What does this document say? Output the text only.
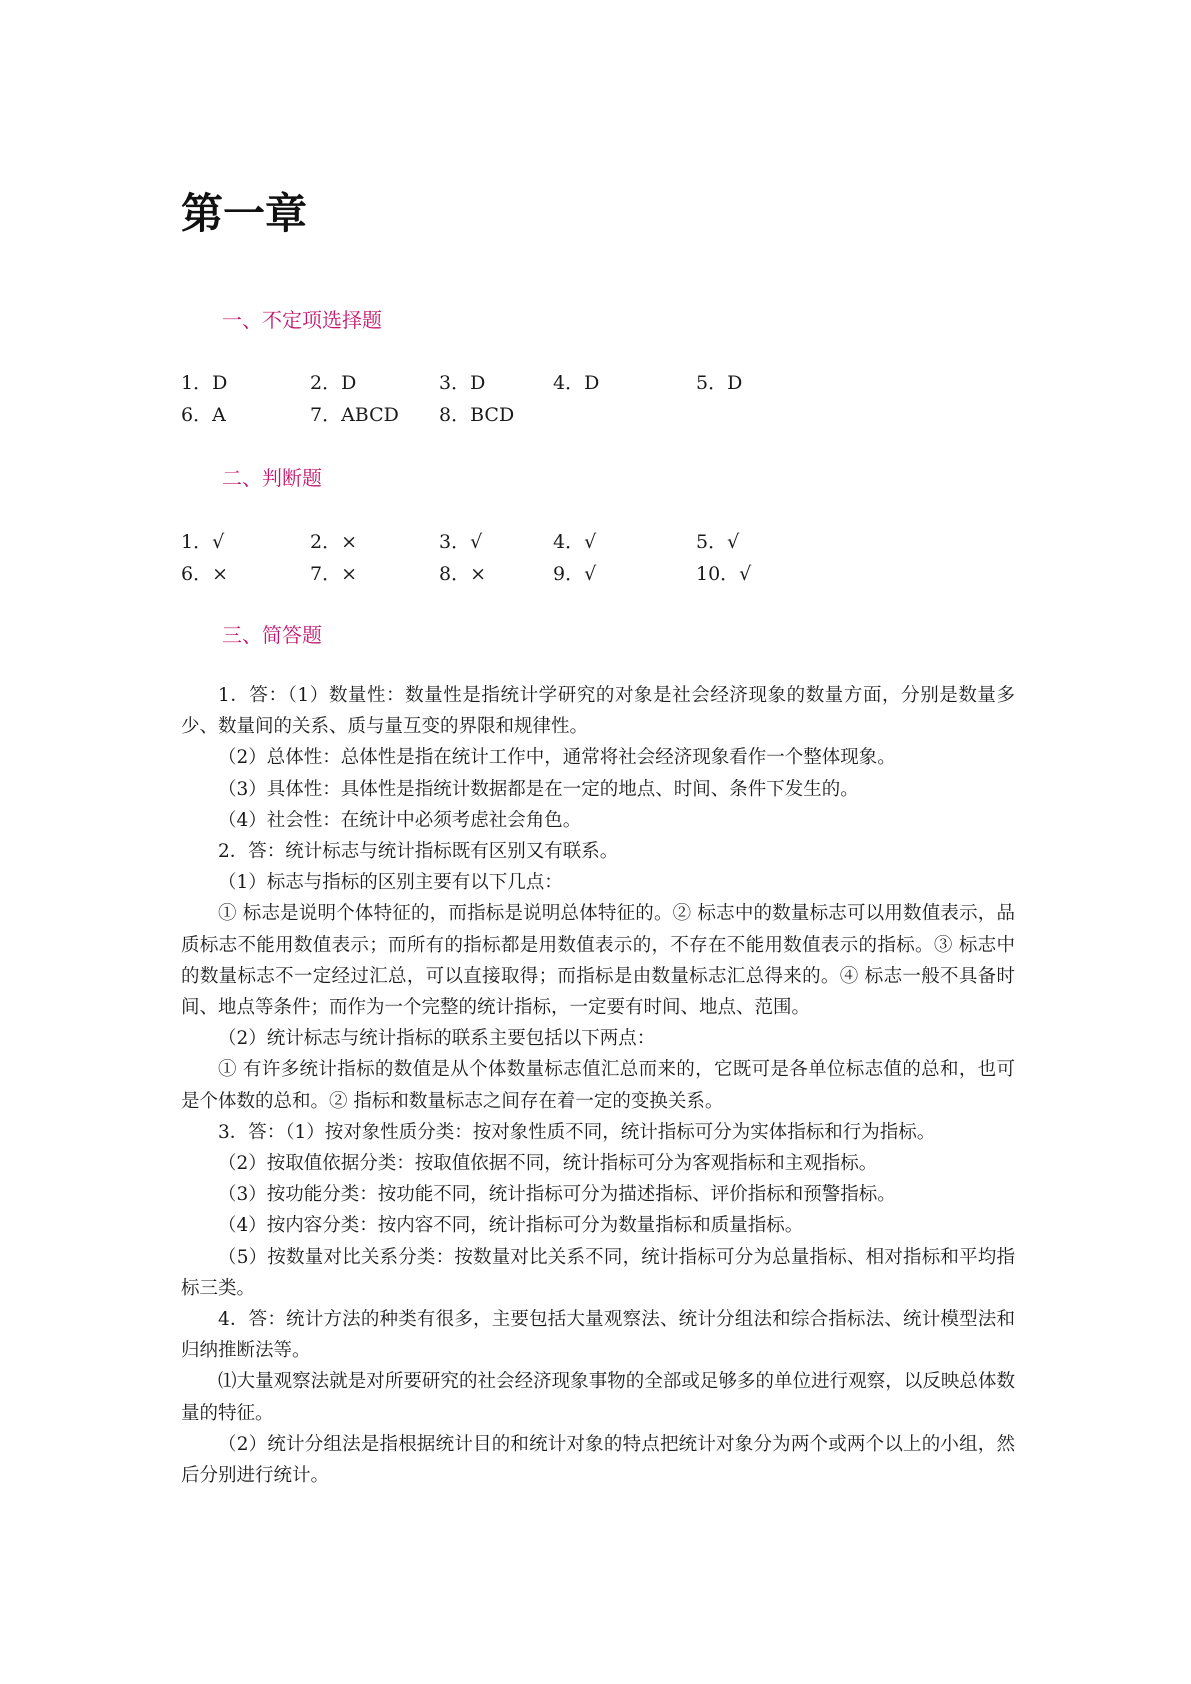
第一章
一、不定项选择题
1．D	2．D	3．D	4．D	5．D
6．A	7．ABCD 8．BCD
二、判断题
1．√	2．×	3．√	4．√	5．√
6．×	7．×	8．×	9．√	10．√
三、简答题

1．答：（1）数量性：数量性是指统计学研究的对象是社会经济现象的数量方面，分别是数量多少、数量间的关系、质与量互变的界限和规律性。

（2）总体性：总体性是指在统计工作中，通常将社会经济现象看作一个整体现象。

（3）具体性：具体性是指统计数据都是在一定的地点、时间、条件下发生的。

（4）社会性：在统计中必须考虑社会角色。

2．答：统计标志与统计指标既有区别又有联系。

（1）标志与指标的区别主要有以下几点：

① 标志是说明个体特征的，而指标是说明总体特征的。② 标志中的数量标志可以用数值表示，品质标志不能用数值表示；而所有的指标都是用数值表示的，不存在不能用数值表示的指标。③ 标志中的数量标志不一定经过汇总，可以直接取得；而指标是由数量标志汇总得来的。④ 标志一般不具备时间、地点等条件；而作为一个完整的统计指标，一定要有时间、地点、范围。

（2）统计标志与统计指标的联系主要包括以下两点：

① 有许多统计指标的数值是从个体数量标志值汇总而来的，它既可是各单位标志值的总和，也可是个体数的总和。② 指标和数量标志之间存在着一定的变换关系。

3．答：（1）按对象性质分类：按对象性质不同，统计指标可分为实体指标和行为指标。

（2）按取值依据分类：按取值依据不同，统计指标可分为客观指标和主观指标。

（3）按功能分类：按功能不同，统计指标可分为描述指标、评价指标和预警指标。

（4）按内容分类：按内容不同，统计指标可分为数量指标和质量指标。

（5）按数量对比关系分类：按数量对比关系不同，统计指标可分为总量指标、相对指标和平均指标三类。

4．答：统计方法的种类有很多，主要包括大量观察法、统计分组法和综合指标法、统计模型法和归纳推断法等。

⑴大量观察法就是对所要研究的社会经济现象事物的全部或足够多的单位进行观察，以反映总体数量的特征。

（2）统计分组法是指根据统计目的和统计对象的特点把统计对象分为两个或两个以上的小组，然后分别进行统计。
